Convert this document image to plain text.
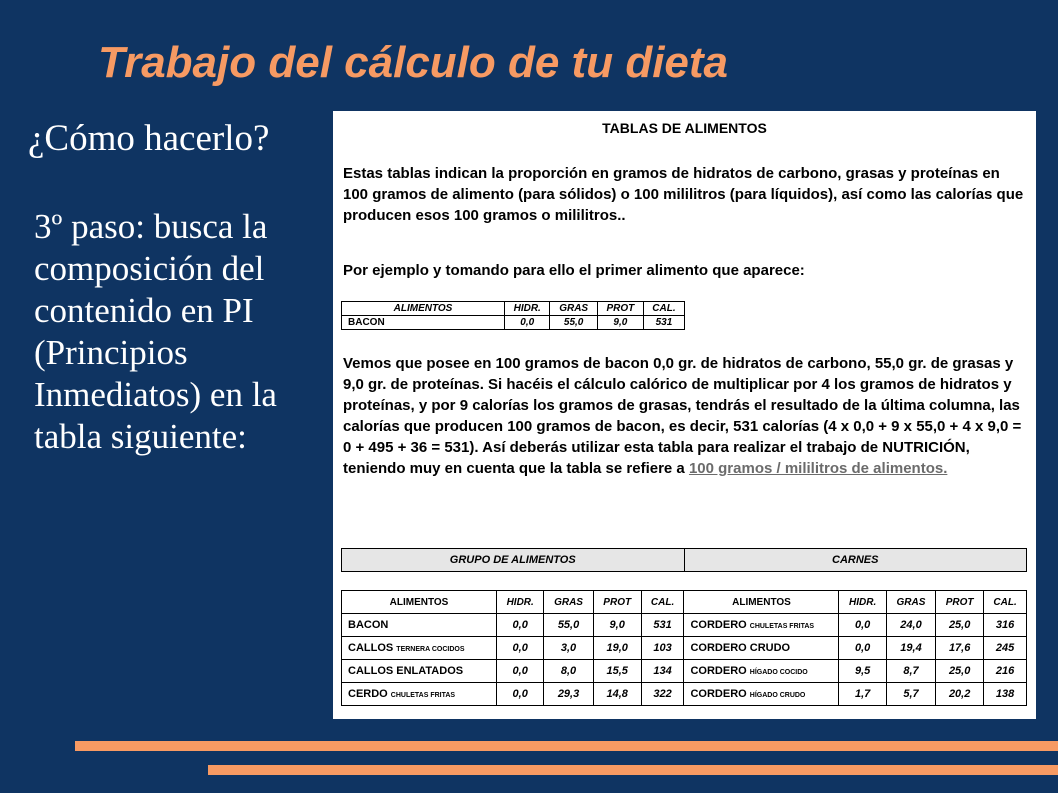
Trabajo del cálculo de tu dieta
¿Cómo hacerlo?
3º paso: busca la composición del contenido en PI (Principios Inmediatos) en la tabla siguiente:
TABLAS DE ALIMENTOS
Estas tablas indican la proporción en gramos de hidratos de carbono, grasas y proteínas en 100 gramos de alimento (para sólidos) o 100 mililitros (para líquidos), así como las calorías que producen esos 100 gramos o mililitros..
Por ejemplo y tomando para ello el primer alimento que aparece:
ALIMENTOS	HIDR.	GRAS	PROT	CAL.
BACON	0,0	55,0	9,0	531
Vemos que posee en 100 gramos de bacon 0,0 gr. de hidratos de carbono, 55,0 gr. de grasas y 9,0 gr. de proteínas. Si hacéis el cálculo calórico de multiplicar por 4 los gramos de hidratos y proteínas, y por 9 calorías los gramos de grasas, tendrás el resultado de la última columna, las calorías que producen 100 gramos de bacon, es decir, 531 calorías (4 x 0,0 + 9 x 55,0 + 4 x 9,0 = 0 + 495 + 36 = 531). Así deberás utilizar esta tabla para realizar el trabajo de NUTRICIÓN, teniendo muy en cuenta que la tabla se refiere a 100 gramos / mililitros de alimentos.
GRUPO DE ALIMENTOS	CARNES
ALIMENTOS	HIDR.	GRAS	PROT	CAL.	ALIMENTOS	HIDR.	GRAS	PROT	CAL.
BACON	0,0	55,0	9,0	531	CORDERO CHULETAS FRITAS	0,0	24,0	25,0	316
CALLOS TERNERA COCIDOS	0,0	3,0	19,0	103	CORDERO CRUDO	0,0	19,4	17,6	245
CALLOS ENLATADOS	0,0	8,0	15,5	134	CORDERO HÍGADO COCIDO	9,5	8,7	25,0	216
CERDO CHULETAS FRITAS	0,0	29,3	14,8	322	CORDERO HÍGADO CRUDO	1,7	5,7	20,2	138
